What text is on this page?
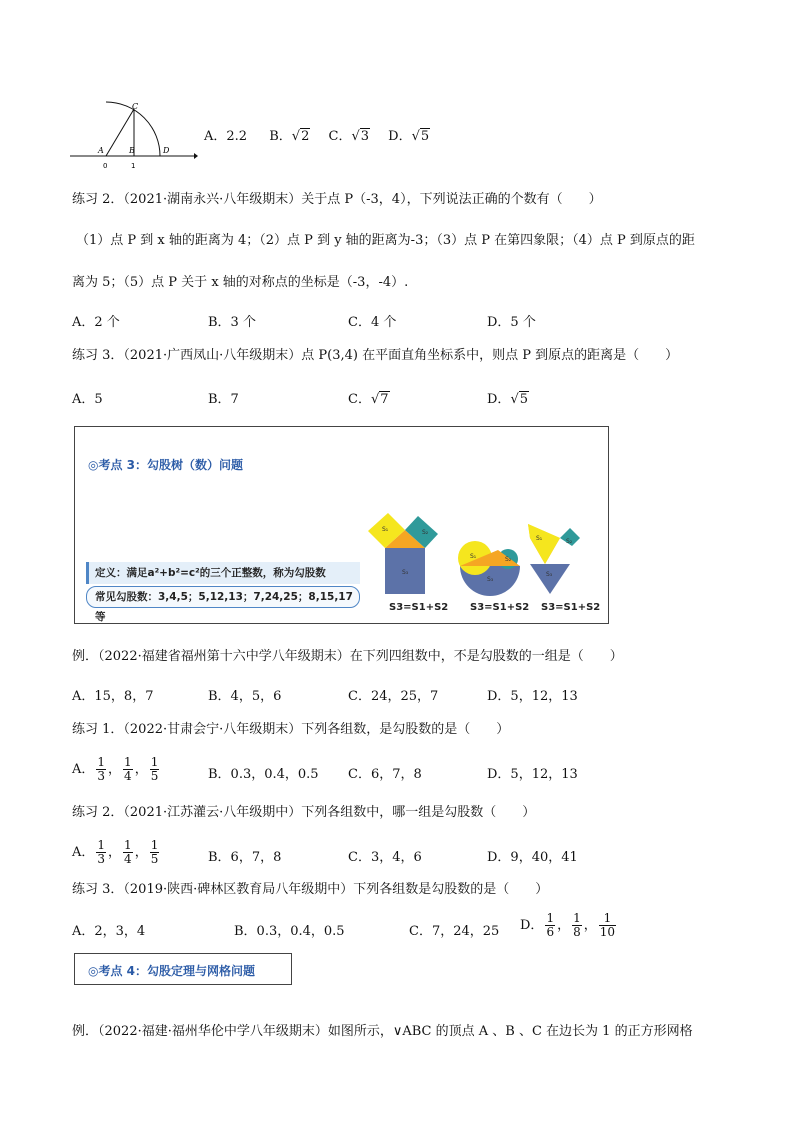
A	B
C
D
0	1
A．2.2 B．√2 C．√3 D．√5
练习 2．（2021·湖南永兴·八年级期末）关于点 P（-3，4），下列说法正确的个数有（　　）
（1）点 P 到 x 轴的距离为 4；（2）点 P 到 y 轴的距离为-3；（3）点 P 在第四象限；（4）点 P 到原点的距
离为 5；（5）点 P 关于 x 轴的对称点的坐标是（-3，-4）.
A．2 个	B．3 个	C．4 个	D．5 个
练习 3．（2021·广西凤山·八年级期末）点 P(3,4) 在平面直角坐标系中，则点 P 到原点的距离是（　　）
A．5	B．7	C．√7	D．√5
◎考点 3：勾股树（数）问题
定义：满足a²+b²=c²的三个正整数，称为勾股数
常见勾股数：3,4,5；5,12,13；7,24,25；8,15,17等
S₁	S₂
S₃
S₁	S₂
S₃
S₁	S₂
S₃
S3=S1+S2 S3=S1+S2 S3=S1+S2
例．（2022·福建省福州第十六中学八年级期末）在下列四组数中，不是勾股数的一组是（　　）
A．15，8，7	B．4，5，6	C．24，25，7	D．5，12，13
练习 1．（2022·甘肃会宁·八年级期末）下列各组数，是勾股数的是（　　）
A． $\frac{1}{3}$ ， $\frac{1}{4}$ ， $\frac{1}{5}$	B．0.3，0.4，0.5 C．6，7，8	D．5，12，13
练习 2．（2021·江苏灌云·八年级期中）下列各组数中，哪一组是勾股数（　　）
A． $\frac{1}{3}$ ， $\frac{1}{4}$ ， $\frac{1}{5}$	B．6，7，8	C．3，4，6	D．9，40，41
练习 3．（2019·陕西·碑林区教育局八年级期中）下列各组数是勾股数的是（　　）
A．2，3，4	B．0.3，0.4，0.5	C．7，24，25 D． $\frac{1}{6}$ ， $\frac{1}{8}$ ， $\frac{1}{10}$
◎考点 4：勾股定理与网格问题
例．（2022·福建·福州华伦中学八年级期末）如图所示，∨ABC 的顶点 A 、B 、C 在边长为 1 的正方形网格
